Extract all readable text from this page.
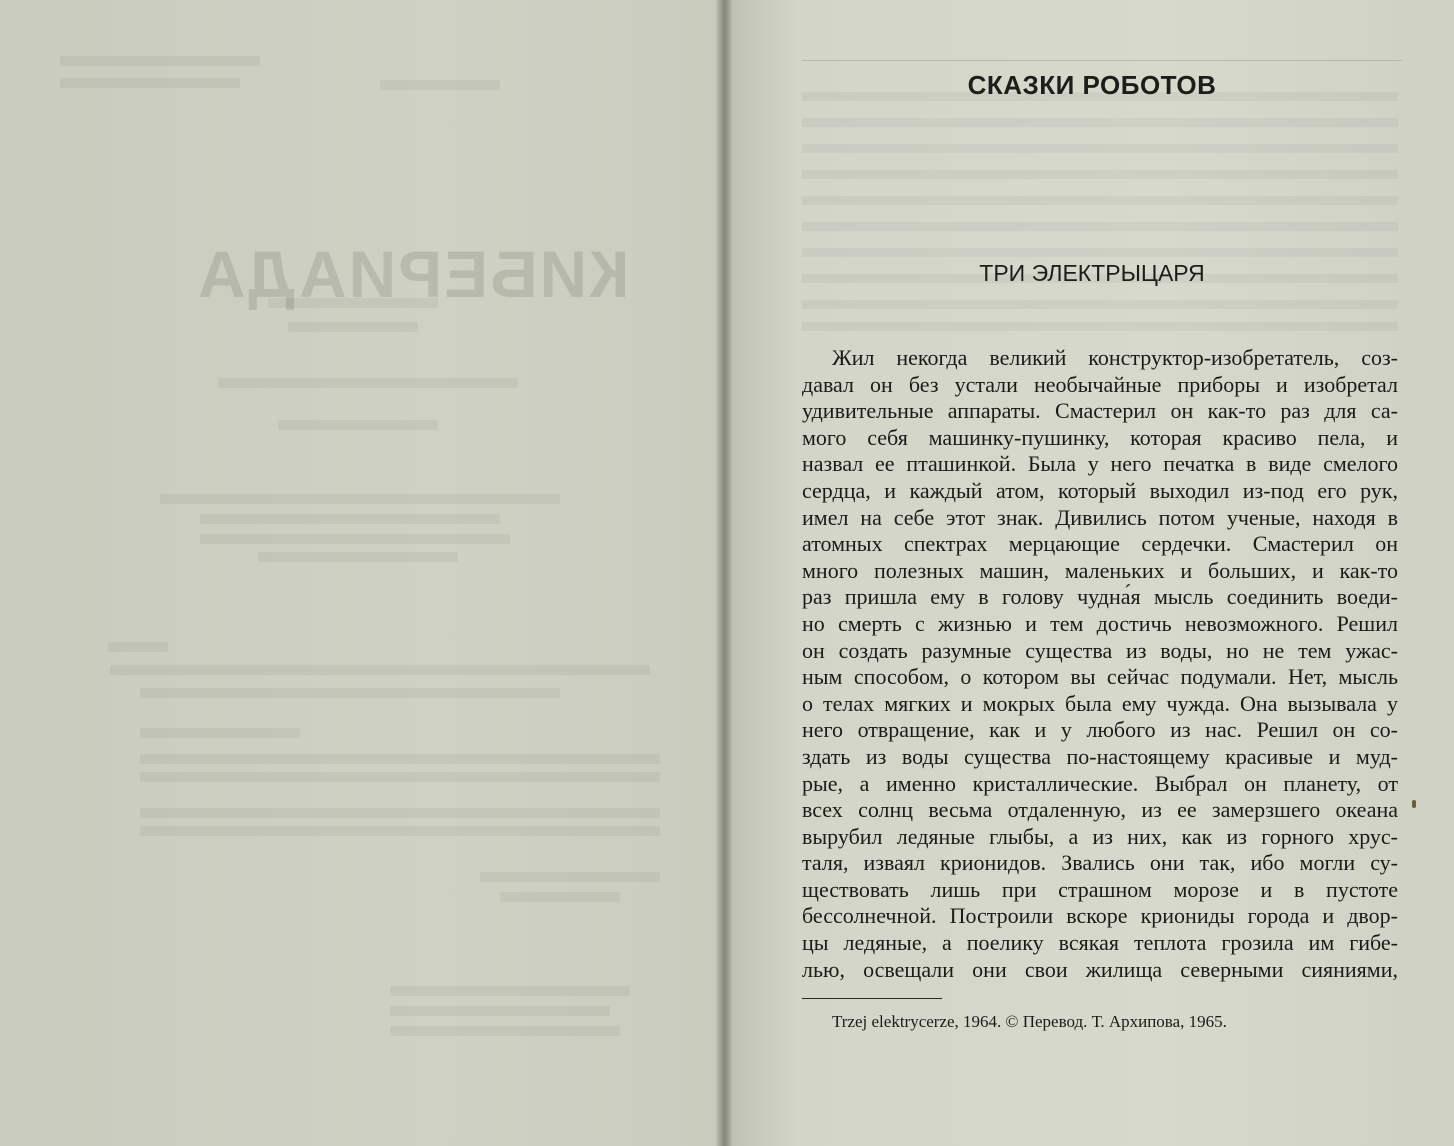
КИБЕРИАДА
СКАЗКИ РОБОТОВ
ТРИ ЭЛЕКТРЫЦАРЯ
Жил некогда великий конструктор-изобретатель, соз-
давал он без устали необычайные приборы и изобретал
удивительные аппараты. Смастерил он как-то раз для са-
мого себя машинку-пушинку, которая красиво пела, и
назвал ее пташинкой. Была у него печатка в виде смелого
сердца, и каждый атом, который выходил из-под его рук,
имел на себе этот знак. Дивились потом ученые, находя в
атомных спектрах мерцающие сердечки. Смастерил он
много полезных машин, маленьких и больших, и как-то
раз пришла ему в голову чудна́я мысль соединить воеди-
но смерть с жизнью и тем достичь невозможного. Решил
он создать разумные существа из воды, но не тем ужас-
ным способом, о котором вы сейчас подумали. Нет, мысль
о телах мягких и мокрых была ему чужда. Она вызывала у
него отвращение, как и у любого из нас. Решил он со-
здать из воды существа по-настоящему красивые и муд-
рые, а именно кристаллические. Выбрал он планету, от
всех солнц весьма отдаленную, из ее замерзшего океана
вырубил ледяные глыбы, а из них, как из горного хрус-
таля, изваял крионидов. Звались они так, ибо могли су-
ществовать лишь при страшном морозе и в пустоте
бессолнечной. Построили вскоре криониды города и двор-
цы ледяные, а поелику всякая теплота грозила им гибе-
лью, освещали они свои жилища северными сияниями,
Trzej elektrycerze, 1964. © Перевод. Т. Архипова, 1965.
